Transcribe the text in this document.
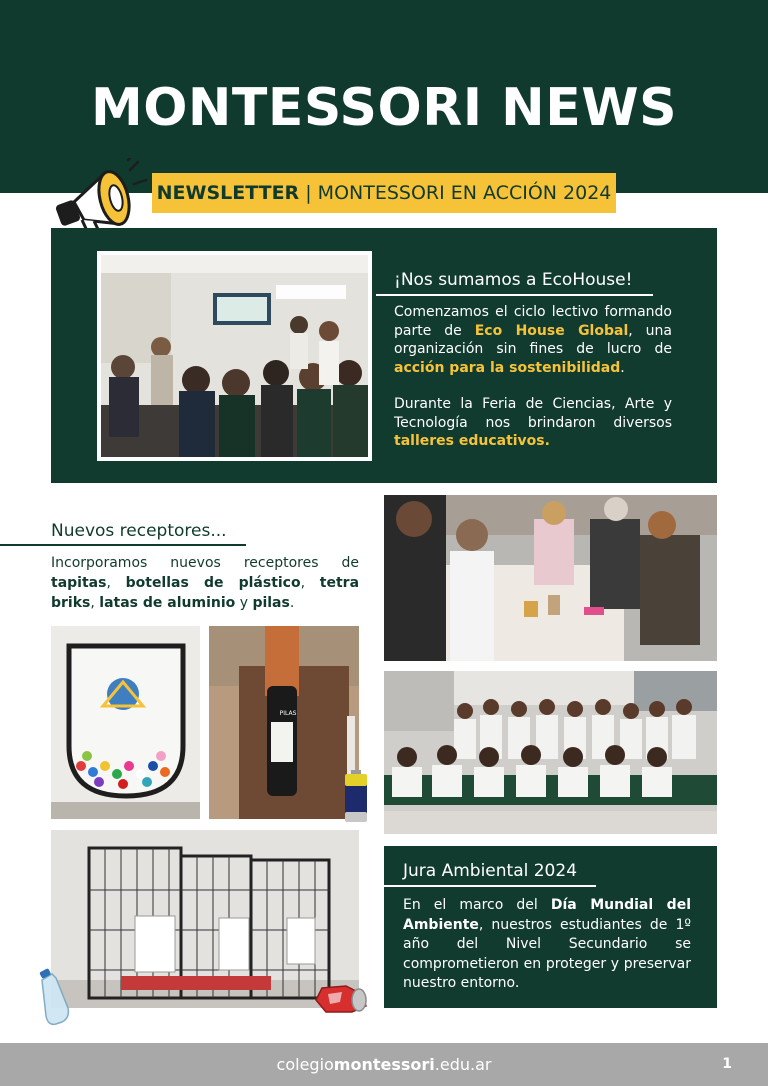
MONTESSORI NEWS
NEWSLETTER | MONTESSORI EN ACCIÓN 2024
¡Nos sumamos a EcoHouse!
Comenzamos el ciclo lectivo formando parte de Eco House Global, una organización sin fines de lucro de acción para la sostenibilidad.
Durante la Feria de Ciencias, Arte y Tecnología nos brindaron diversos talleres educativos.
Nuevos receptores...
Incorporamos nuevos receptores de tapitas, botellas de plástico, tetra briks, latas de aluminio y pilas.
PILAS
Jura Ambiental 2024
En el marco del Día Mundial del Ambiente, nuestros estudiantes de 1º año del Nivel Secundario se comprometieron en proteger y preservar nuestro entorno.
colegiomontessori.edu.ar	1
